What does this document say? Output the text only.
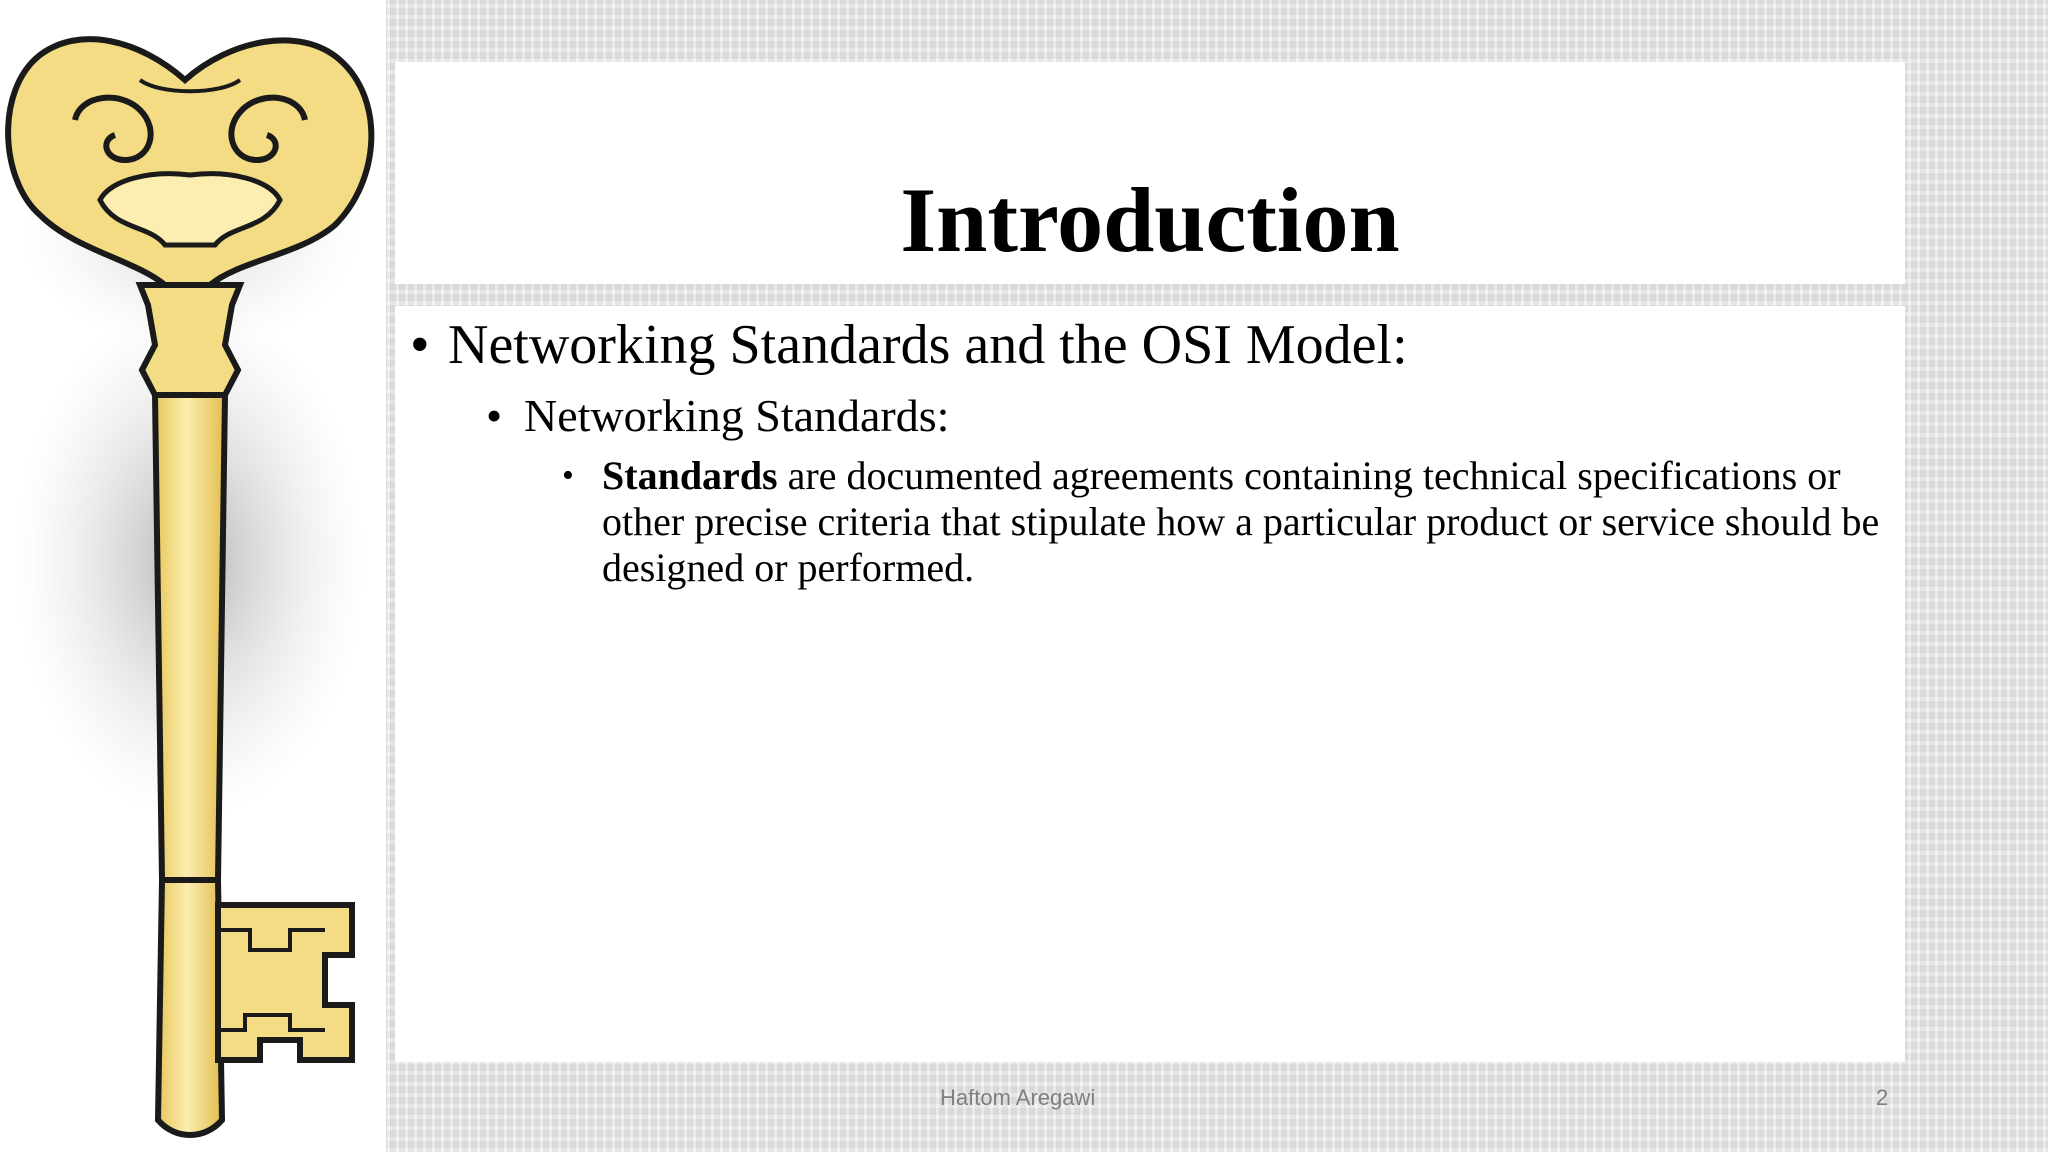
Introduction
• Networking Standards and the OSI Model:
• Networking Standards:
• Standards are documented agreements containing technical specifications or other precise criteria that stipulate how a particular product or service should be designed or performed.
Haftom Aregawi	2
